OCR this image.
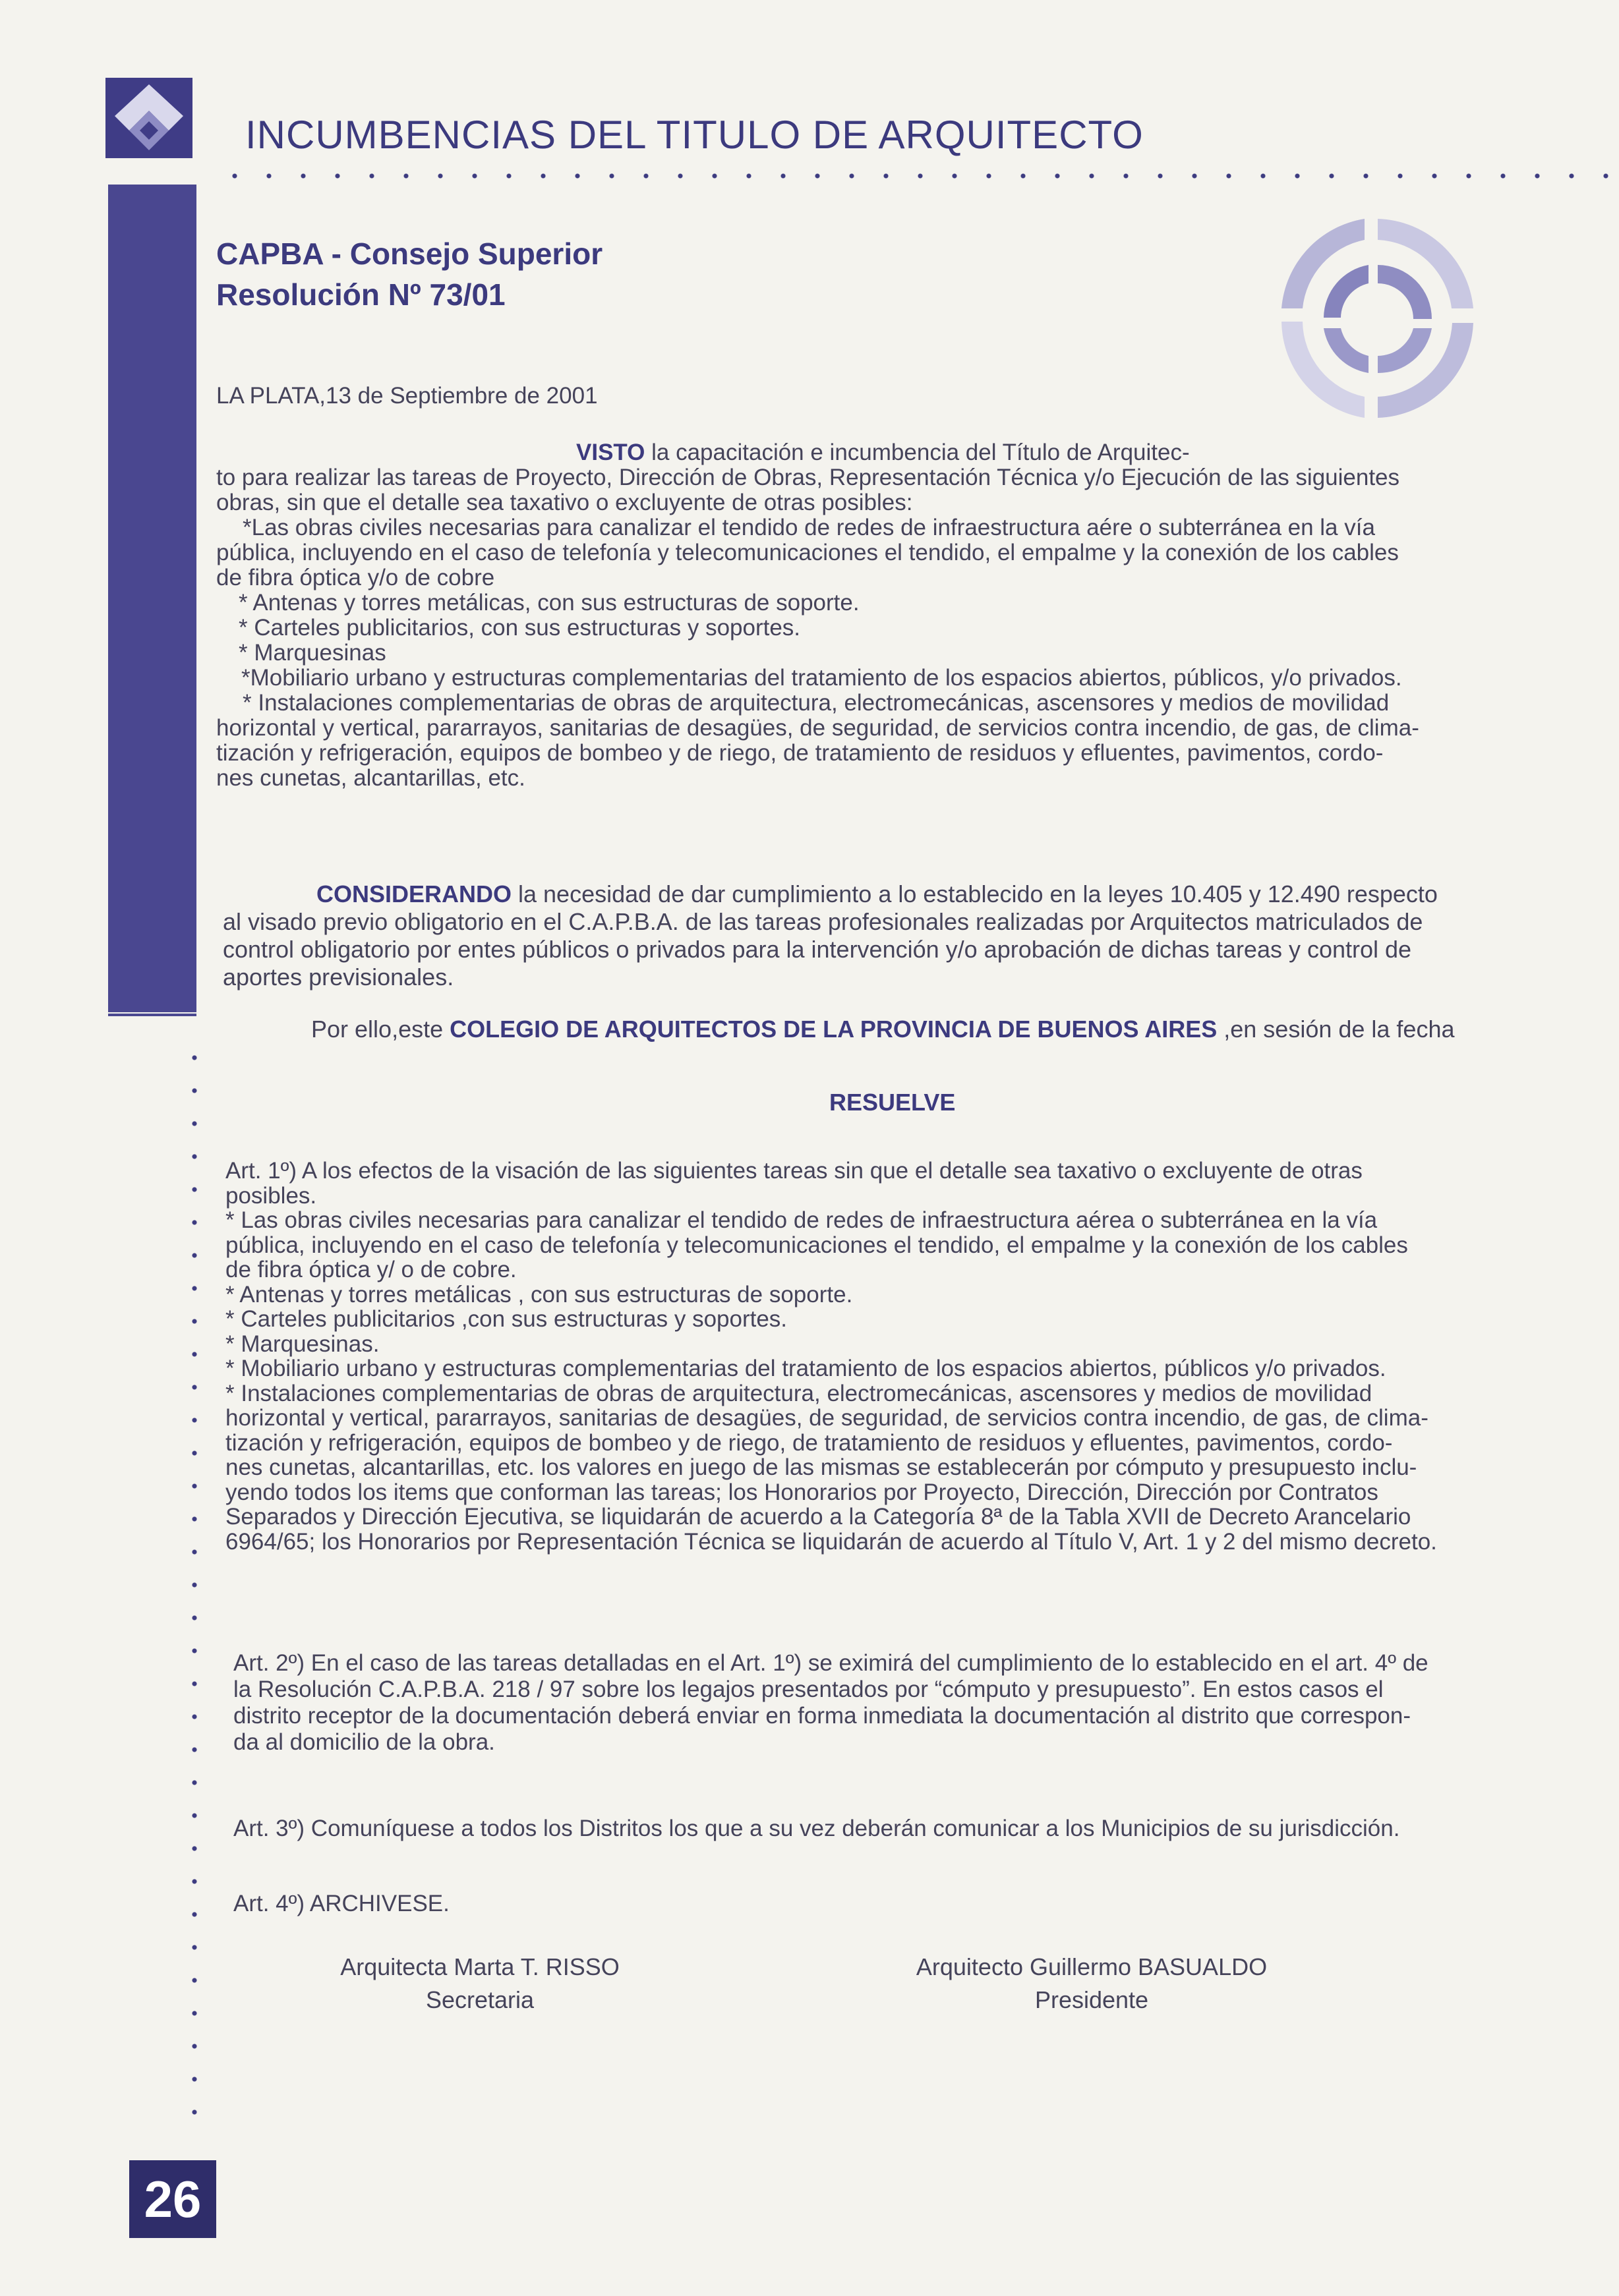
INCUMBENCIAS DEL TITULO DE ARQUITECTO
CAPBA - Consejo Superior
Resolución Nº 73/01
LA PLATA,13 de Septiembre de 2001
VISTO la capacitación e incumbencia del Título de Arquitec-
to para realizar las tareas de Proyecto, Dirección de Obras, Representación Técnica y/o Ejecución de las siguientes
obras, sin que el detalle sea taxativo o excluyente de otras posibles:
*Las obras civiles necesarias para canalizar el tendido de redes de infraestructura aére o subterránea en la vía
pública, incluyendo en el caso de telefonía y telecomunicaciones el tendido, el empalme y la conexión de los cables
de fibra óptica y/o de cobre
* Antenas y torres metálicas, con sus estructuras de soporte.
* Carteles publicitarios, con sus estructuras y soportes.
* Marquesinas
*Mobiliario urbano y estructuras complementarias del tratamiento de los espacios abiertos, públicos, y/o privados.
* Instalaciones complementarias de obras de arquitectura, electromecánicas, ascensores y medios de movilidad
horizontal y vertical, pararrayos, sanitarias de desagües, de seguridad, de servicios contra incendio, de gas, de clima-
tización y refrigeración, equipos de bombeo y de riego, de tratamiento de residuos y efluentes, pavimentos, cordo-
nes cunetas, alcantarillas, etc.
CONSIDERANDO la necesidad de dar cumplimiento a lo establecido en la leyes 10.405 y 12.490 respecto
al visado previo obligatorio en el C.A.P.B.A. de las tareas profesionales realizadas por Arquitectos matriculados de
control obligatorio por entes públicos o privados para la intervención y/o aprobación de dichas tareas y control de
aportes previsionales.
Por ello,este COLEGIO DE ARQUITECTOS DE LA PROVINCIA DE BUENOS AIRES ,en sesión de la fecha
RESUELVE
Art. 1º) A los efectos de la visación de las siguientes tareas sin que el detalle sea taxativo o excluyente de otras
posibles.
* Las obras civiles necesarias para canalizar el tendido de redes de infraestructura aérea o subterránea en la vía
pública, incluyendo en el caso de telefonía y telecomunicaciones el tendido, el empalme y la conexión de los cables
de fibra óptica y/ o de cobre.
* Antenas y torres metálicas , con sus estructuras de soporte.
* Carteles publicitarios ,con sus estructuras y soportes.
* Marquesinas.
* Mobiliario urbano y estructuras complementarias del tratamiento de los espacios abiertos, públicos y/o privados.
* Instalaciones complementarias de obras de arquitectura, electromecánicas, ascensores y medios de movilidad
horizontal y vertical, pararrayos, sanitarias de desagües, de seguridad, de servicios contra incendio, de gas, de clima-
tización y refrigeración, equipos de bombeo y de riego, de tratamiento de residuos y efluentes, pavimentos, cordo-
nes cunetas, alcantarillas, etc. los valores en juego de las mismas se establecerán por cómputo y presupuesto inclu-
yendo todos los items que conforman las tareas; los Honorarios por Proyecto, Dirección, Dirección por Contratos
Separados y Dirección Ejecutiva, se liquidarán de acuerdo a la Categoría 8ª de la Tabla XVII de Decreto Arancelario
6964/65; los Honorarios por Representación Técnica se liquidarán de acuerdo al Título V, Art. 1 y 2 del mismo decreto.
Art. 2º) En el caso de las tareas detalladas en el Art. 1º) se eximirá del cumplimiento de lo establecido en el art. 4º de
la Resolución C.A.P.B.A. 218 / 97 sobre los legajos presentados por “cómputo y presupuesto”. En estos casos el
distrito receptor de la documentación deberá enviar en forma inmediata la documentación al distrito que correspon-
da al domicilio de la obra.
Art. 3º) Comuníquese a todos los Distritos los que a su vez deberán comunicar a los Municipios de su jurisdicción.
Art. 4º) ARCHIVESE.
Arquitecta Marta T. RISSO
Secretaria
Arquitecto Guillermo BASUALDO
Presidente
26
